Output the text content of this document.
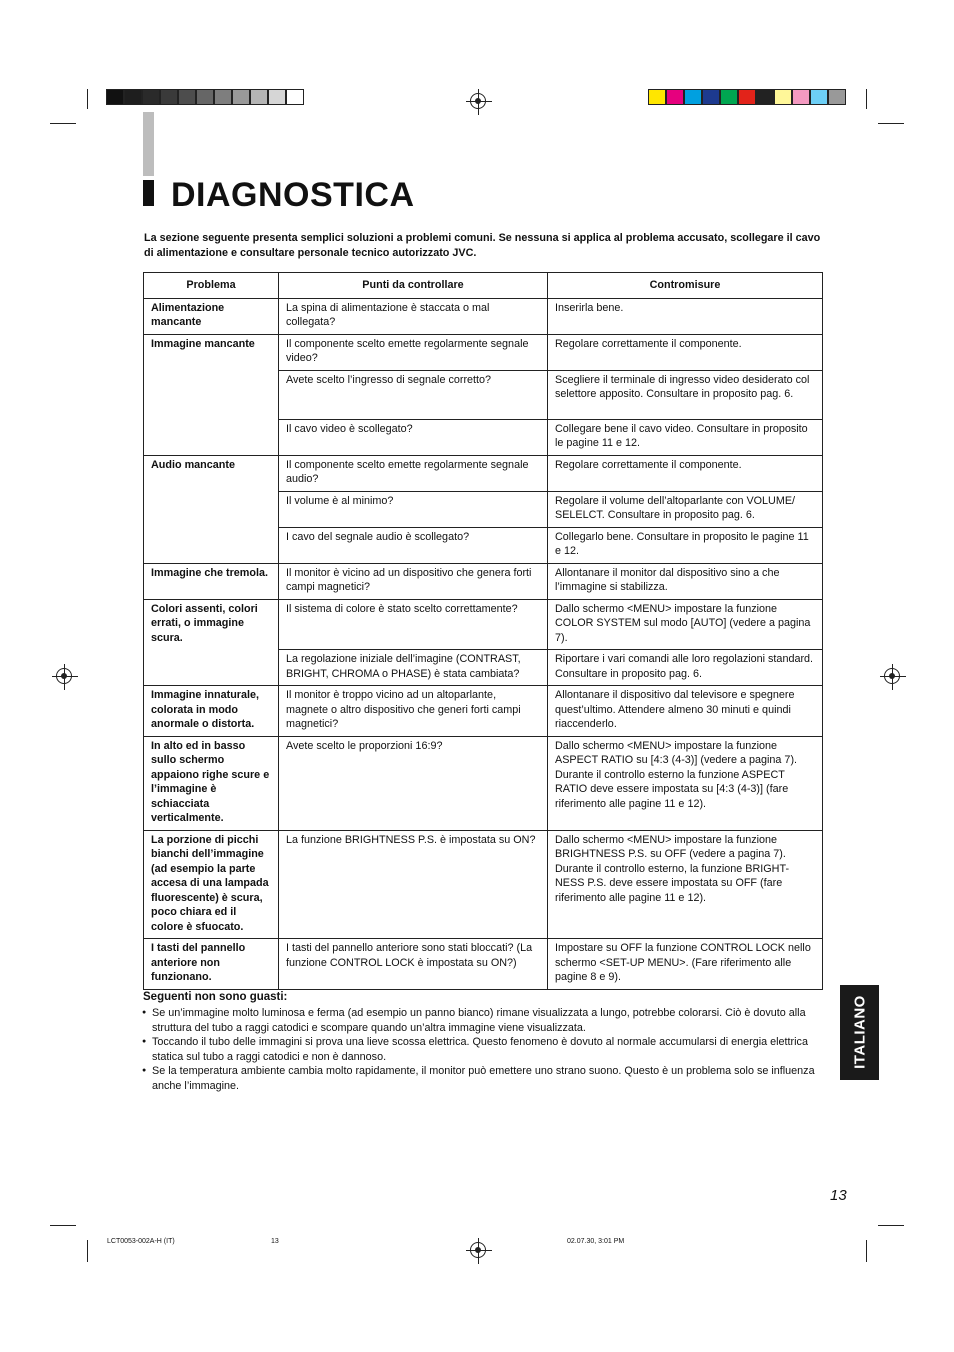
DIAGNOSTICA
La sezione seguente presenta semplici soluzioni a problemi comuni. Se nessuna si applica al problema accusato, scollegare il cavo di alimentazione e consultare personale tecnico autorizzato JVC.
Problema	Punti da controllare	Contromisure
Alimentazione mancante	La spina di alimentazione è staccata o mal collegata?	Inserirla bene.
Immagine mancante	Il componente scelto emette regolarmente segnale video?	Regolare correttamente il componente.
	Avete scelto l’ingresso di segnale corretto?	Scegliere il terminale di ingresso video desiderato col selettore apposito. Consultare in proposito pag. 6.
	Il cavo video è scollegato?	Collegare bene il cavo video. Consultare in proposito le pagine 11 e 12.
Audio mancante	Il componente scelto emette regolarmente segnale audio?	Regolare correttamente il componente.
	Il volume è al minimo?	Regolare il volume dell’altoparlante con VOLUME/ SELELCT. Consultare in proposito pag. 6.
	I cavo del segnale audio è scollegato?	Collegarlo bene. Consultare in proposito le pagine 11 e 12.
Immagine che tremola.	Il monitor è vicino ad un dispositivo che genera forti campi magnetici?	Allontanare il monitor dal dispositivo sino a che l’immagine si stabilizza.
Colori assenti, colori errati, o immagine scura.	Il sistema di colore è stato scelto correttamente?	Dallo schermo <MENU> impostare la funzione COLOR SYSTEM sul modo [AUTO] (vedere a pagina 7).
	La regolazione iniziale dell’imagine (CONTRAST, BRIGHT, CHROMA o PHASE) è stata cambiata?	Riportare i vari comandi alle loro regolazioni standard. Consultare in proposito pag. 6.
Immagine innaturale, colorata in modo anormale o distorta.	Il monitor è troppo vicino ad un altoparlante, magnete o altro dispositivo che generi forti campi magnetici?	Allontanare il dispositivo dal televisore e spegnere quest’ultimo. Attendere almeno 30 minuti e quindi riaccenderlo.
In alto ed in basso sullo schermo appaiono righe scure e l’immagine è schiacciata verticalmente.	Avete scelto le proporzioni 16:9?	Dallo schermo <MENU> impostare la funzione ASPECT RATIO su [4:3 (4-3)] (vedere a pagina 7). Durante il controllo esterno la funzione ASPECT RATIO deve essere impostata su [4:3 (4-3)] (fare riferimento alle pagine 11 e 12).
La porzione di picchi bianchi dell’immagine (ad esempio la parte accesa di una lampada fluorescente) è scura, poco chiara ed il colore è sfuocato.	La funzione BRIGHTNESS P.S. è impostata su ON?	Dallo schermo <MENU> impostare la funzione BRIGHTNESS P.S. su OFF (vedere a pagina 7). Durante il controllo esterno, la funzione BRIGHT- NESS P.S. deve essere impostata su OFF (fare riferimento alle pagine 11 e 12).
I tasti del pannello anteriore non funzionano.	I tasti del pannello anteriore sono stati bloccati? (La funzione CONTROL LOCK è impostata su ON?)	Impostare su OFF la funzione CONTROL LOCK nello schermo <SET-UP MENU>. (Fare riferimento alle pagine 8 e 9).
Seguenti non sono guasti:
● Se un’immagine molto luminosa e ferma (ad esempio un panno bianco) rimane visualizzata a lungo, potrebbe colorarsi. Ciò è dovuto alla struttura del tubo a raggi catodici e scompare quando un’altra immagine viene visualizzata.
● Toccando il tubo delle immagini si prova una lieve scossa elettrica. Questo fenomeno è dovuto al normale accumularsi di energia elettrica statica sul tubo a raggi catodici e non è dannoso.
● Se la temperatura ambiente cambia molto rapidamente, il monitor può emettere uno strano suono. Questo è un problema solo se influenza anche l’immagine.
ITALIANO
13
LCT0053-002A-H (IT)	13	02.07.30, 3:01 PM
